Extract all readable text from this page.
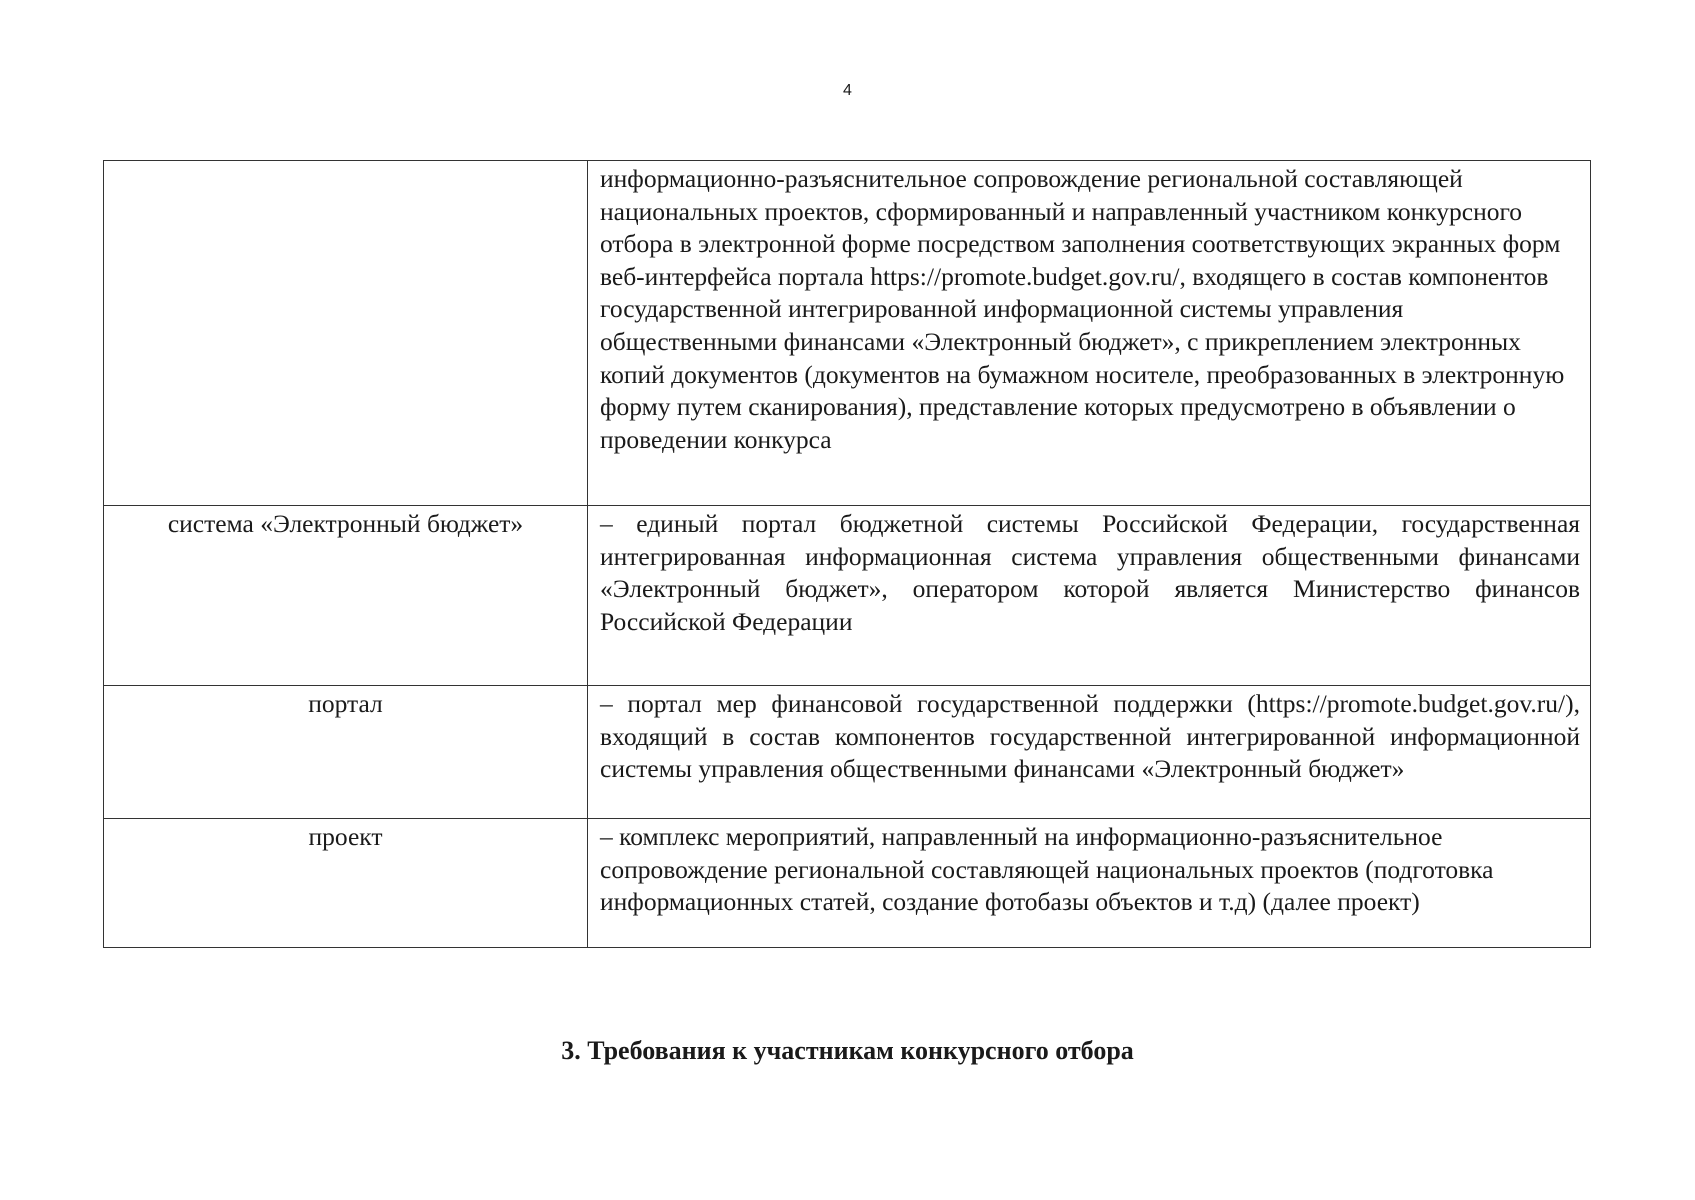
4
	информационно-разъяснительное сопровождение региональной составляющей национальных проектов, сформированный и направленный участником конкурсного отбора в электронной форме посредством заполнения соответствующих экранных форм веб-интерфейса портала https://promote.budget.gov.ru/, входящего в состав компонентов государственной интегрированной информационной системы управления общественными финансами «Электронный бюджет», с прикреплением электронных копий документов (документов на бумажном носителе, преобразованных в электронную форму путем сканирования), представление которых предусмотрено в объявлении о проведении конкурса
система «Электронный бюджет»	– единый портал бюджетной системы Российской Федерации, государственная интегрированная информационная система управления общественными финансами «Электронный бюджет», оператором которой является Министерство финансов Российской Федерации
портал	– портал мер финансовой государственной поддержки (https://promote.budget.gov.ru/), входящий в состав компонентов государственной интегрированной информационной системы управления общественными финансами «Электронный бюджет»
проект	– комплекс мероприятий, направленный на информационно-разъяснительное сопровождение региональной составляющей национальных проектов (подготовка информационных статей, создание фотобазы объектов и т.д) (далее проект)
3. Требования к участникам конкурсного отбора
